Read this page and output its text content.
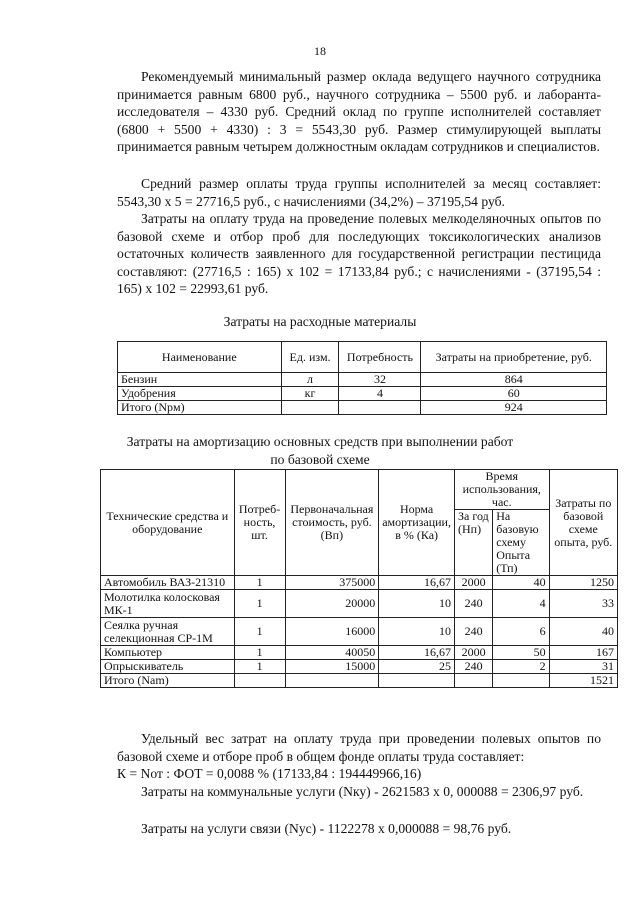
18

Рекомендуемый минимальный размер оклада ведущего научного сотрудника принимается равным 6800 руб., научного сотрудника – 5500 руб. и лаборанта-исследователя – 4330 руб. Средний оклад по группе исполнителей составляет (6800 + 5500 + 4330) : 3 = 5543,30 руб. Размер стимулирующей выплаты принимается равным четырем должностным окладам сотрудников и специалистов.

Средний размер оплаты труда группы исполнителей за месяц составляет: 5543,30 х 5 = 27716,5 руб., с начислениями (34,2%) – 37195,54 руб.

Затраты на оплату труда на проведение полевых мелкоделяночных опытов по базовой схеме и отбор проб для последующих токсикологических анализов остаточных количеств заявленного для государственной регистрации пестицида составляют: (27716,5 : 165) х 102 = 17133,84 руб.; с начислениями - (37195,54 : 165) х 102 = 22993,61 руб.

Затраты на расходные материалы
Наименование	Ед. изм.	Потребность	Затраты на приобретение, руб.
Бензин	л	32	864
Удобрения	кг	4	60
Итого (Npм)			924
Затраты на амортизацию основных средств при выполнении работ
по базовой схеме
Технические средства и оборудование	Потреб-ность, шт.	Первоначальная стоимость, руб. (Вп)	Норма амортизации, в % (Ка)	Время использования, час.		Затраты по базовой схеме опыта, руб.
				За год (Нп)	На базовую схему Опыта (Тп)	
Автомобиль ВАЗ-21310	1	375000	16,67	2000	40	1250
Молотилка колосковая МК-1	1	20000	10	240	4	33
Сеялка ручная селекционная СР-1М	1	16000	10	240	6	40
Компьютер	1	40050	16,67	2000	50	167
Опрыскиватель	1	15000	25	240	2	31
Итого (Nam)						1521

Удельный вес затрат на оплату труда при проведении полевых опытов по базовой схеме и отборе проб в общем фонде оплаты труда составляет:

К = Nот : ФОТ = 0,0088 % (17133,84 : 194449966,16)

Затраты на коммунальные услуги (Nку) - 2621583 х 0, 000088 = 2306,97 руб.

Затраты на услуги связи (Nус) - 1122278 х 0,000088 = 98,76 руб.
